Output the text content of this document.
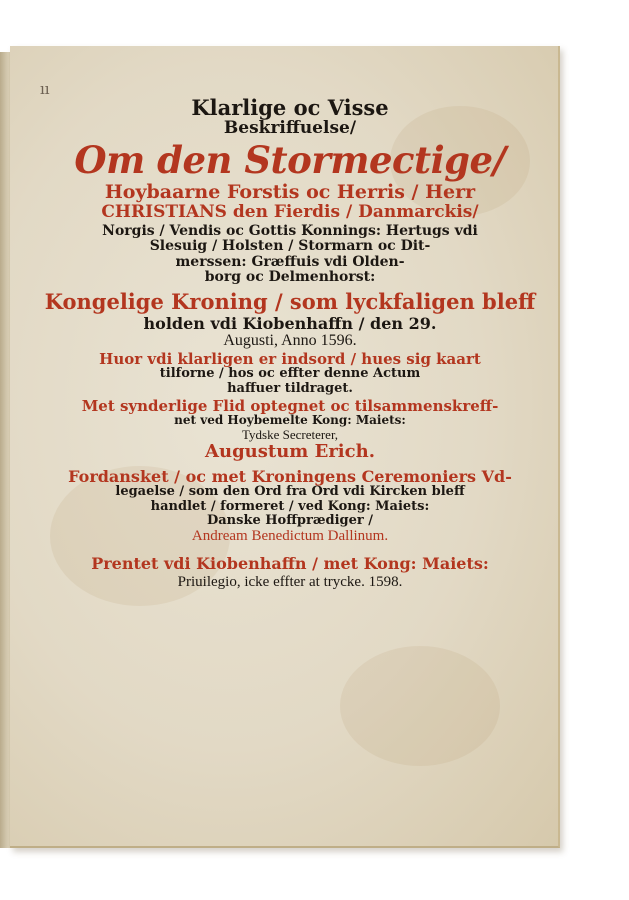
ıı
Klarlige oc Visse
Beskriffuelse/
Om den Stormectige/
Hoybaarne Forstis oc Herris / Herr
CHRISTIANS den Fierdis / Danmarckis/
Norgis / Vendis oc Gottis Konnings: Hertugs vdi
Slesuig / Holsten / Stormarn oc Dit-
merssen: Græffuis vdi Olden-
borg oc Delmenhorst:
Kongelige Kroning / som lyckfaligen bleff
holden vdi Kiobenhaffn / den 29.
Augusti, Anno 1596.
Huor vdi klarligen er indsord / hues sig kaart
tilforne / hos oc effter denne Actum
haffuer tildraget.
Met synderlige Flid optegnet oc tilsammenskreff-
net ved Hoybemelte Kong: Maiets:
Tydske Secreterer,
Augustum Erich.
Fordansket / oc met Kroningens Ceremoniers Vd-
legaelse / som den Ord fra Ord vdi Kircken bleff
handlet / formeret / ved Kong: Maiets:
Danske Hoffprædiger /
Andream Benedictum Dallinum.
Prentet vdi Kiobenhaffn / met Kong: Maiets:
Priuilegio, icke effter at trycke. 1598.
